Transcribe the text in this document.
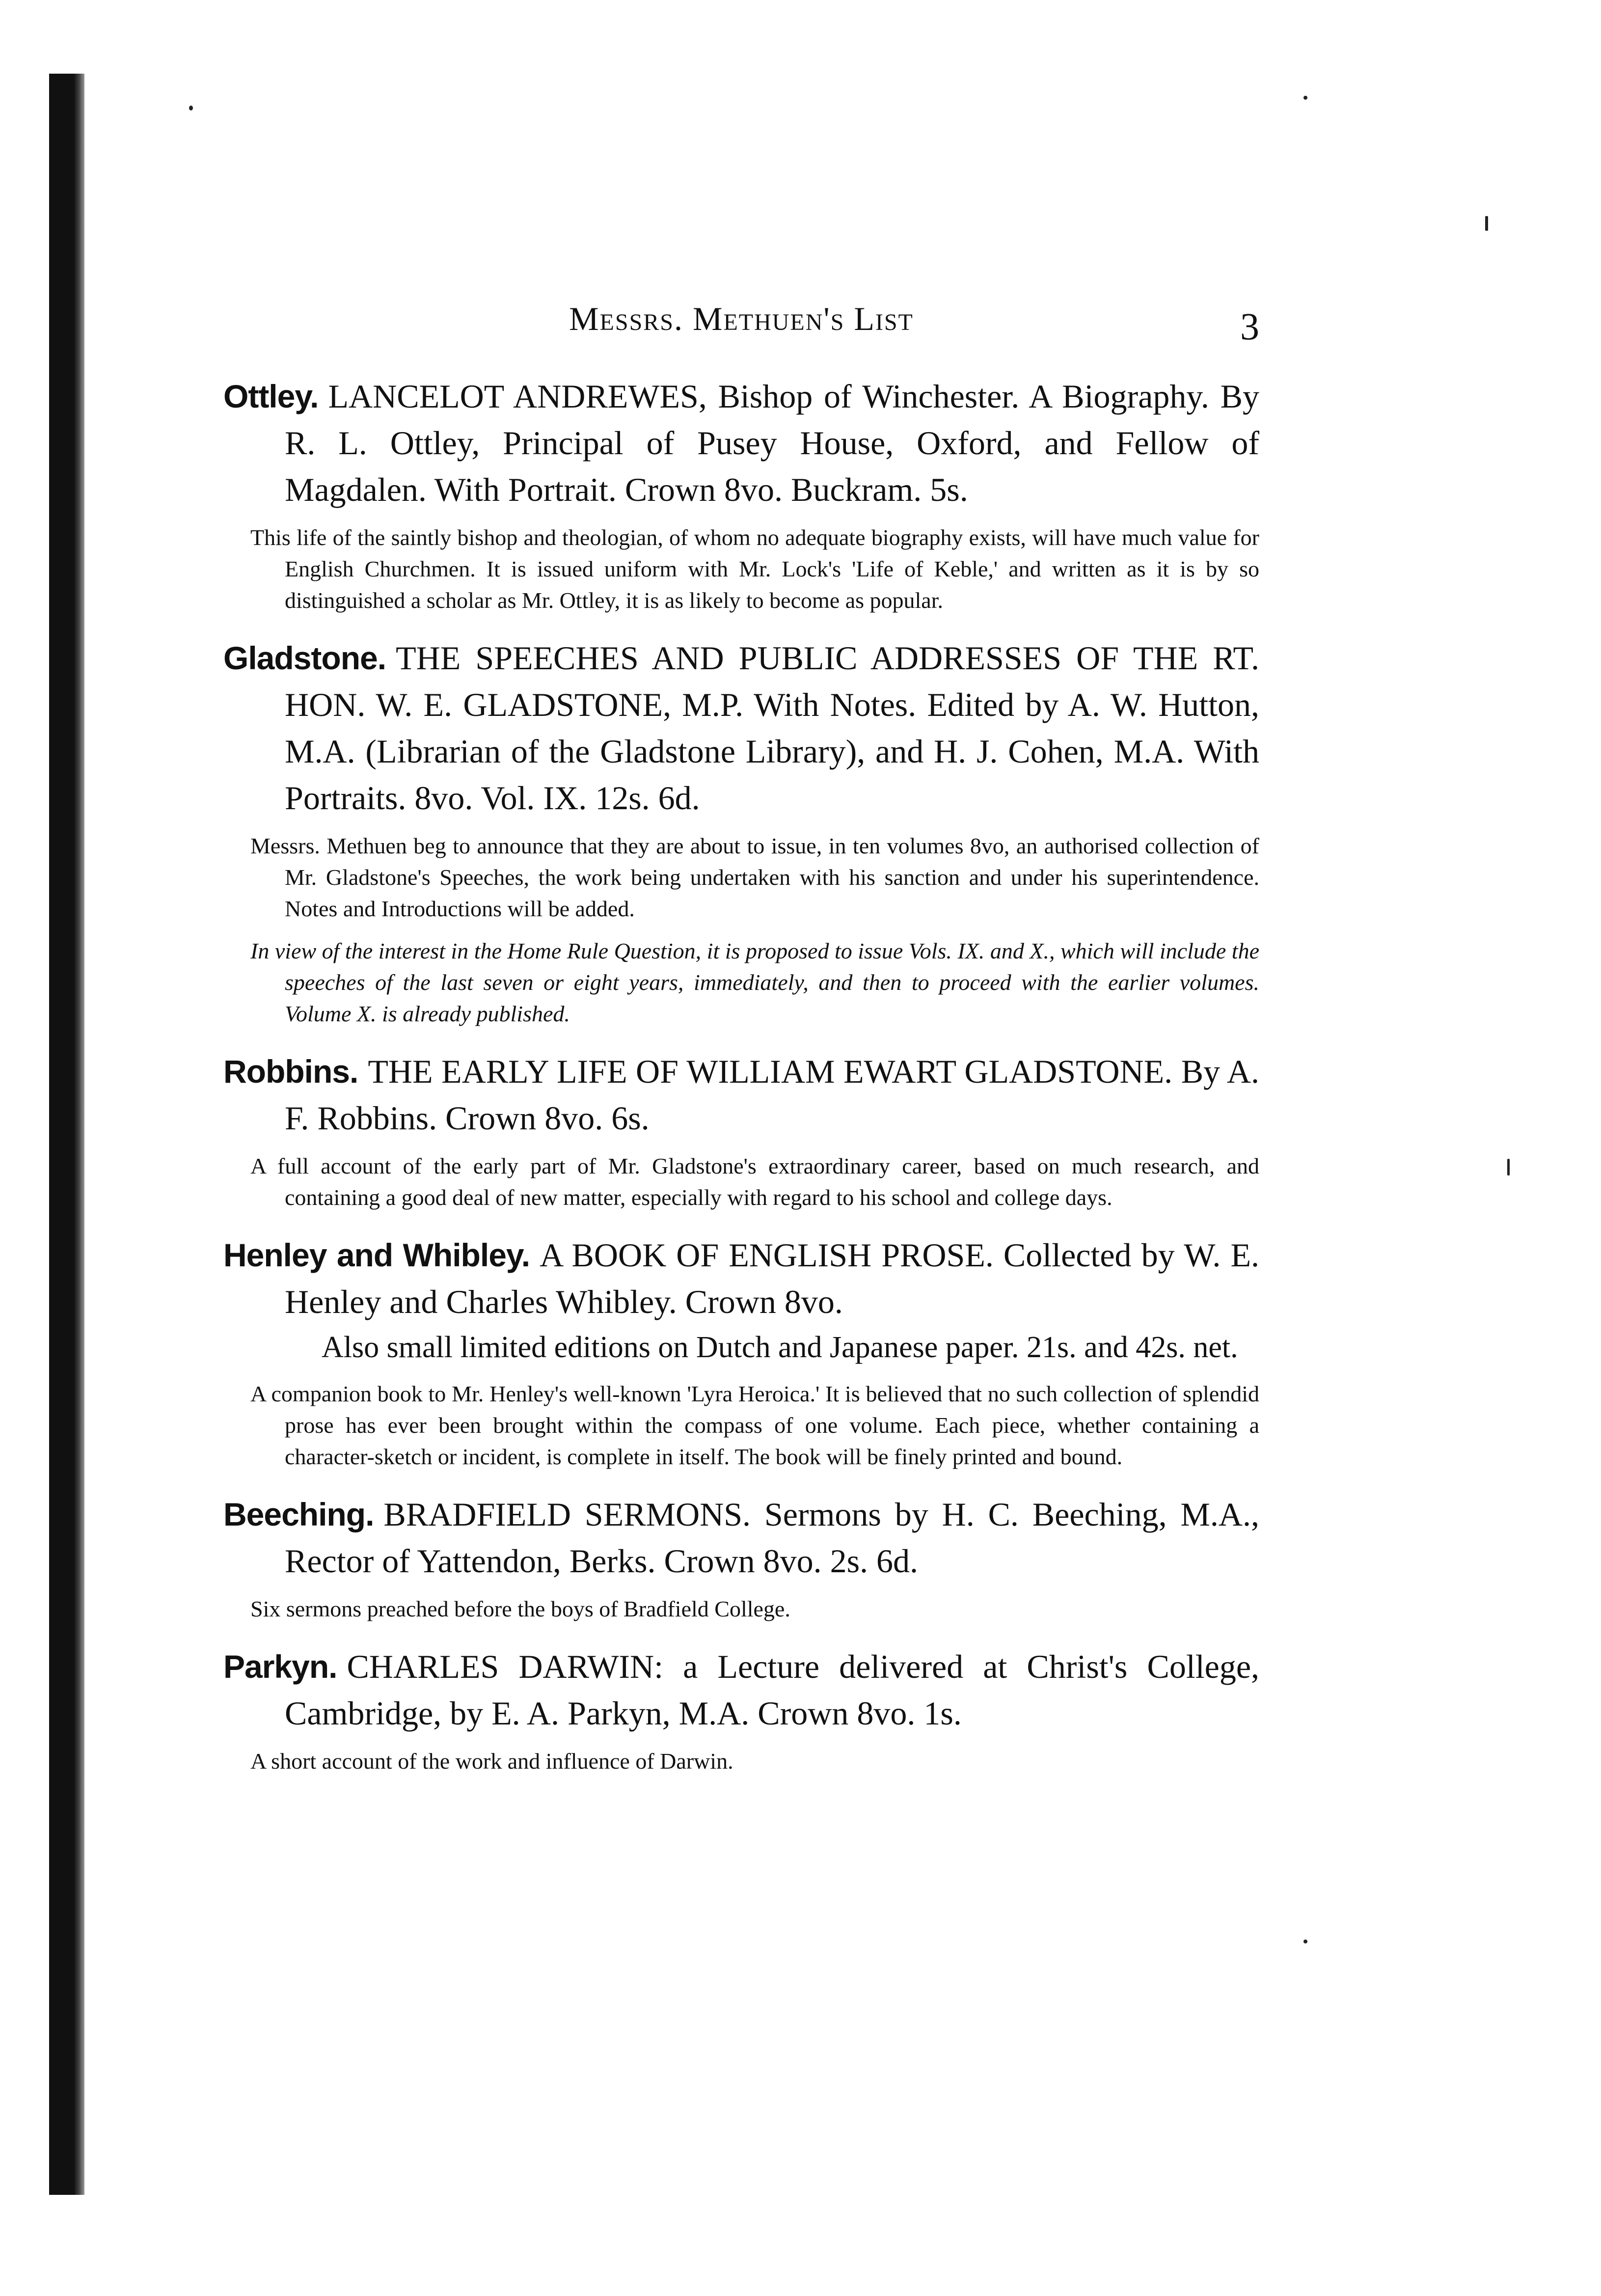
Messrs. Methuen's List	3
Ottley. LANCELOT ANDREWES, Bishop of Winchester. A Biography. By R. L. Ottley, Principal of Pusey House, Oxford, and Fellow of Magdalen. With Portrait. Crown 8vo. Buckram. 5s.
This life of the saintly bishop and theologian, of whom no adequate biography exists, will have much value for English Churchmen. It is issued uniform with Mr. Lock's 'Life of Keble,' and written as it is by so distinguished a scholar as Mr. Ottley, it is as likely to become as popular.
Gladstone. THE SPEECHES AND PUBLIC ADDRESSES OF THE RT. HON. W. E. GLADSTONE, M.P. With Notes. Edited by A. W. Hutton, M.A. (Librarian of the Gladstone Library), and H. J. Cohen, M.A. With Portraits. 8vo. Vol. IX. 12s. 6d.
Messrs. Methuen beg to announce that they are about to issue, in ten volumes 8vo, an authorised collection of Mr. Gladstone's Speeches, the work being undertaken with his sanction and under his superintendence. Notes and Introductions will be added.
In view of the interest in the Home Rule Question, it is proposed to issue Vols. IX. and X., which will include the speeches of the last seven or eight years, immediately, and then to proceed with the earlier volumes. Volume X. is already published.
Robbins. THE EARLY LIFE OF WILLIAM EWART GLADSTONE. By A. F. Robbins. Crown 8vo. 6s.
A full account of the early part of Mr. Gladstone's extraordinary career, based on much research, and containing a good deal of new matter, especially with regard to his school and college days.
Henley and Whibley. A BOOK OF ENGLISH PROSE. Collected by W. E. Henley and Charles Whibley. Crown 8vo.
Also small limited editions on Dutch and Japanese paper. 21s. and 42s. net.
A companion book to Mr. Henley's well-known 'Lyra Heroica.' It is believed that no such collection of splendid prose has ever been brought within the compass of one volume. Each piece, whether containing a character-sketch or incident, is complete in itself. The book will be finely printed and bound.
Beeching. BRADFIELD SERMONS. Sermons by H. C. Beeching, M.A., Rector of Yattendon, Berks. Crown 8vo. 2s. 6d.
Six sermons preached before the boys of Bradfield College.
Parkyn. CHARLES DARWIN: a Lecture delivered at Christ's College, Cambridge, by E. A. Parkyn, M.A. Crown 8vo. 1s.
A short account of the work and influence of Darwin.
